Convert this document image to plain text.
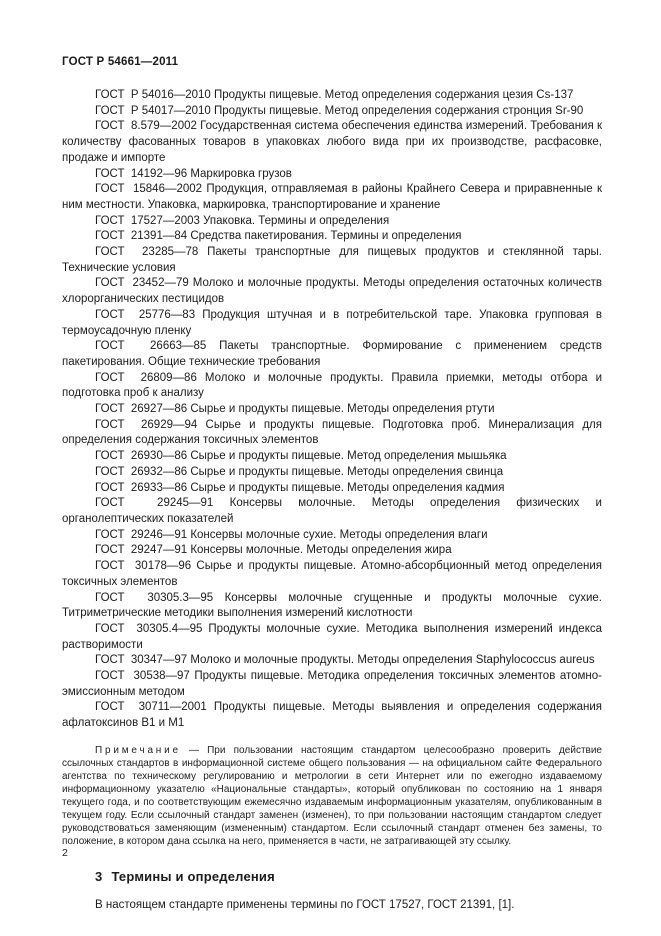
ГОСТ Р 54661—2011

ГОСТ  Р 54016—2010 Продукты пищевые. Метод определения содержания цезия Cs-137

ГОСТ  Р 54017—2010 Продукты пищевые. Метод определения содержания стронция Sr-90

ГОСТ  8.579—2002 Государственная система обеспечения единства измерений. Требования к количеству фасованных товаров в упаковках любого вида при их производстве, расфасовке, продаже и импорте

ГОСТ  14192—96 Маркировка грузов

ГОСТ  15846—2002 Продукция, отправляемая в районы Крайнего Севера и приравненные к ним местности. Упаковка, маркировка, транспортирование и хранение

ГОСТ  17527—2003 Упаковка. Термины и определения

ГОСТ  21391—84 Средства пакетирования. Термины и определения

ГОСТ  23285—78 Пакеты транспортные для пищевых продуктов и стеклянной тары. Технические условия

ГОСТ  23452—79 Молоко и молочные продукты. Методы определения остаточных количеств хлорорганических пестицидов

ГОСТ  25776—83 Продукция штучная и в потребительской таре. Упаковка групповая в термоусадочную пленку

ГОСТ  26663—85 Пакеты транспортные. Формирование с применением средств пакетирования. Общие технические требования

ГОСТ  26809—86 Молоко и молочные продукты. Правила приемки, методы отбора и подготовка проб к анализу

ГОСТ  26927—86 Сырье и продукты пищевые. Методы определения ртути

ГОСТ  26929—94 Сырье и продукты пищевые. Подготовка проб. Минерализация для определения содержания токсичных элементов

ГОСТ  26930—86 Сырье и продукты пищевые. Метод определения мышьяка

ГОСТ  26932—86 Сырье и продукты пищевые. Методы определения свинца

ГОСТ  26933—86 Сырье и продукты пищевые. Методы определения кадмия

ГОСТ  29245—91 Консервы молочные. Методы определения физических и органолептических показателей

ГОСТ  29246—91 Консервы молочные сухие. Методы определения влаги

ГОСТ  29247—91 Консервы молочные. Методы определения жира

ГОСТ  30178—96 Сырье и продукты пищевые. Атомно-абсорбционный метод определения токсичных элементов

ГОСТ  30305.3—95 Консервы молочные сгущенные и продукты молочные сухие. Титриметрические методики выполнения измерений кислотности

ГОСТ  30305.4—95 Продукты молочные сухие. Методика выполнения измерений индекса растворимости

ГОСТ  30347—97 Молоко и молочные продукты. Методы определения Staphylococcus aureus

ГОСТ  30538—97 Продукты пищевые. Методика определения токсичных элементов атомно-эмиссионным методом

ГОСТ  30711—2001 Продукты пищевые. Методы выявления и определения содержания афлатоксинов В1 и М1

Примечание — При пользовании настоящим стандартом целесообразно проверить действие ссылочных стандартов в информационной системе общего пользования — на официальном сайте Федерального агентства по техническому регулированию и метрологии в сети Интернет или по ежегодно издаваемому информационному указателю «Национальные стандарты», который опубликован по состоянию на 1 января текущего года, и по соответствующим ежемесячно издаваемым информационным указателям, опубликованным в текущем году. Если ссылочный стандарт заменен (изменен), то при пользовании настоящим стандартом следует руководствоваться заменяющим (измененным) стандартом. Если ссылочный стандарт отменен без замены, то положение, в котором дана ссылка на него, применяется в части, не затрагивающей эту ссылку.

3 Термины и определения

В настоящем стандарте применены термины по ГОСТ 17527, ГОСТ 21391, [1].

2
